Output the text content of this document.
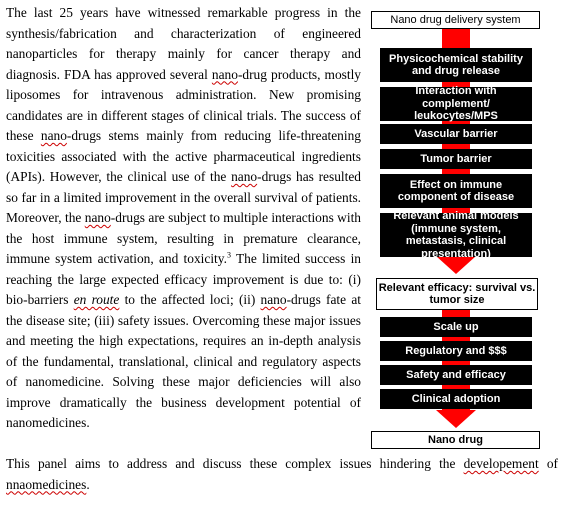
The last 25 years have witnessed remarkable progress in the synthesis/fabrication and characterization of engineered nanoparticles for therapy mainly for cancer therapy and diagnosis. FDA has approved several nano-drug products, mostly liposomes for intravenous administration. New promising candidates are in different stages of clinical trials. The success of these nano-drugs stems mainly from reducing life-threatening toxicities associated with the active pharmaceutical ingredients (APIs). However, the clinical use of the nano-drugs has resulted so far in a limited improvement in the overall survival of patients. Moreover, the nano-drugs are subject to multiple interactions with the host immune system, resulting in premature clearance, immune system activation, and toxicity.$^3$ The limited success in reaching the large expected efficacy improvement is due to: (i) bio-barriers en route to the affected loci; (ii) nano-drugs fate at the disease site; (iii) safety issues. Overcoming these major issues and meeting the high expectations, requires an in-depth analysis of the fundamental, translational, clinical and regulatory aspects of nanomedicine. Solving these major deficiencies will also improve dramatically the business development potential of nanomedicines.

This panel aims to address and discuss these complex issues hindering the developement of nnaomedicines.

Nano drug delivery system
Physicochemical stability and drug release
Interaction with complement/ leukocytes/MPS
Vascular barrier
Tumor barrier
Effect on immune component of disease
Relevant animal models (immune system, metastasis, clinical presentation)
Relevant efficacy: survival vs. tumor size
Scale up
Regulatory and $$$
Safety and efficacy
Clinical adoption
Nano drug
